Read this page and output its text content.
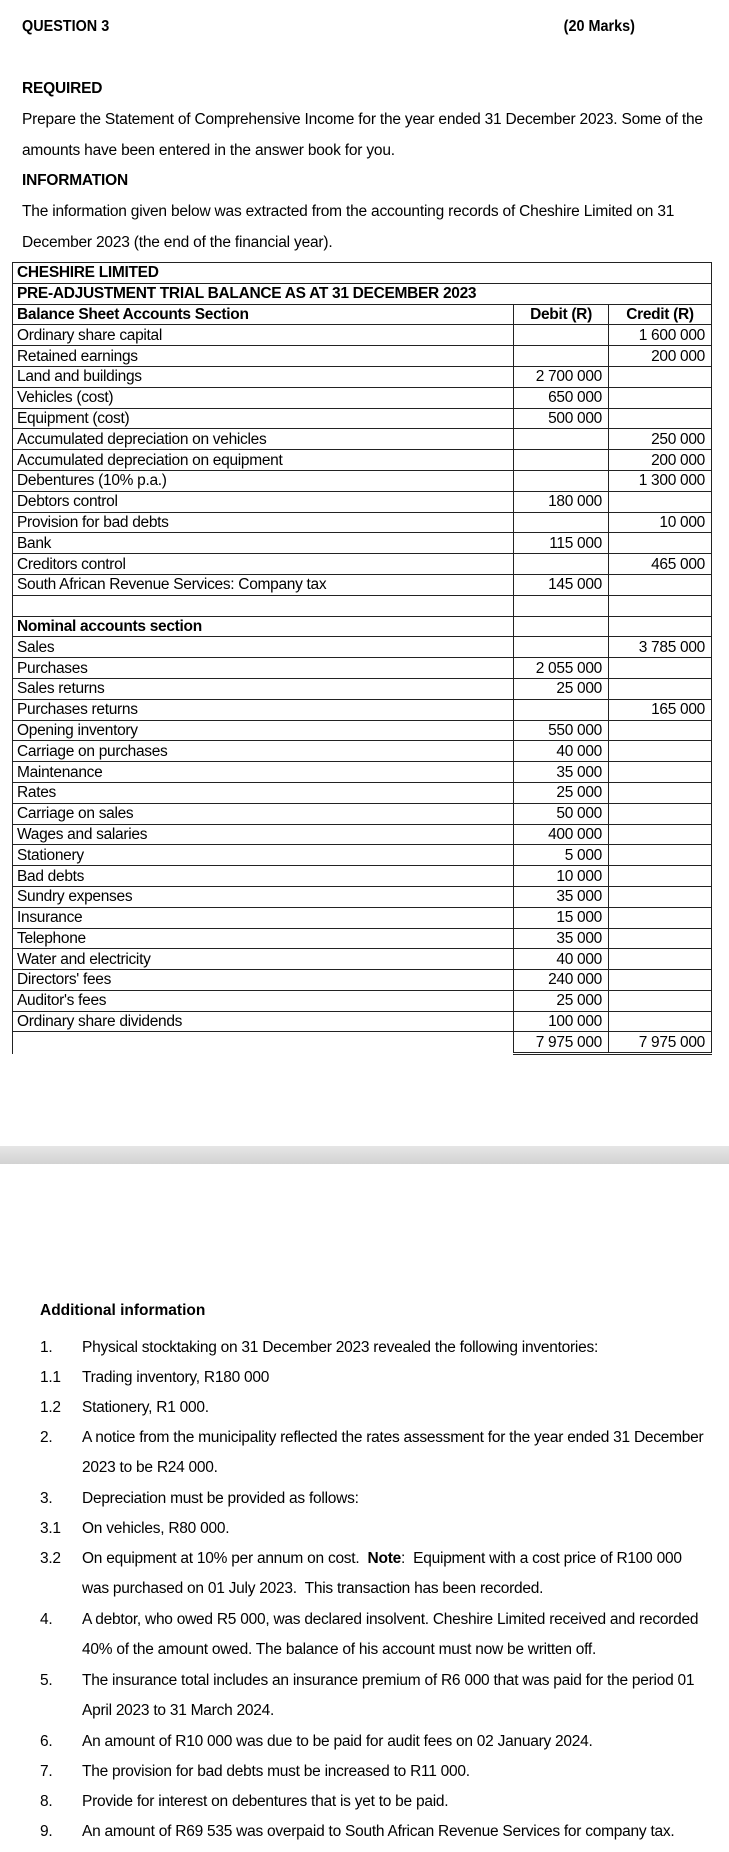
QUESTION 3	(20 Marks)
REQUIRED
Prepare the Statement of Comprehensive Income for the year ended 31 December 2023. Some of the amounts have been entered in the answer book for you.
INFORMATION
The information given below was extracted from the accounting records of Cheshire Limited on 31 December 2023 (the end of the financial year).
CHESHIRE LIMITED		
PRE-ADJUSTMENT TRIAL BALANCE AS AT 31 DECEMBER 2023		
Balance Sheet Accounts Section	Debit (R)	Credit (R)
Ordinary share capital		1 600 000
Retained earnings		200 000
Land and buildings	2 700 000	
Vehicles (cost)	650 000	
Equipment (cost)	500 000	
Accumulated depreciation on vehicles		250 000
Accumulated depreciation on equipment		200 000
Debentures (10% p.a.)		1 300 000
Debtors control	180 000	
Provision for bad debts		10 000
Bank	115 000	
Creditors control		465 000
South African Revenue Services: Company tax	145 000	

Nominal accounts section		
Sales		3 785 000
Purchases	2 055 000	
Sales returns	25 000	
Purchases returns		165 000
Opening inventory	550 000	
Carriage on purchases	40 000	
Maintenance	35 000	
Rates	25 000	
Carriage on sales	50 000	
Wages and salaries	400 000	
Stationery	5 000	
Bad debts	10 000	
Sundry expenses	35 000	
Insurance	15 000	
Telephone	35 000	
Water and electricity	40 000	
Directors' fees	240 000	
Auditor's fees	25 000	
Ordinary share dividends	100 000	
	7 975 000	7 975 000
Additional information
1.	Physical stocktaking on 31 December 2023 revealed the following inventories:
1.1	Trading inventory, R180 000
1.2	Stationery, R1 000.
2.	A notice from the municipality reflected the rates assessment for the year ended 31 December 2023 to be R24 000.
3.	Depreciation must be provided as follows:
3.1	On vehicles, R80 000.
3.2	On equipment at 10% per annum on cost.  Note:  Equipment with a cost price of R100 000 was purchased on 01 July 2023.  This transaction has been recorded.
4.	A debtor, who owed R5 000, was declared insolvent. Cheshire Limited received and recorded 40% of the amount owed. The balance of his account must now be written off.
5.	The insurance total includes an insurance premium of R6 000 that was paid for the period 01 April 2023 to 31 March 2024.
6.	An amount of R10 000 was due to be paid for audit fees on 02 January 2024.
7.	The provision for bad debts must be increased to R11 000.
8.	Provide for interest on debentures that is yet to be paid.
9.	An amount of R69 535 was overpaid to South African Revenue Services for company tax.
